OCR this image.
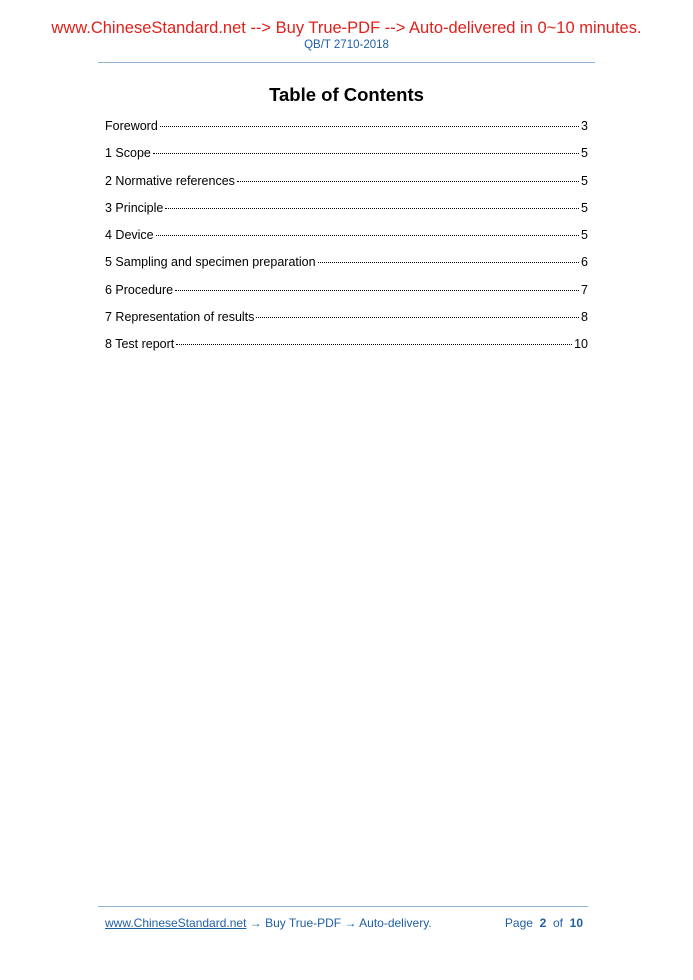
www.ChineseStandard.net --> Buy True-PDF --> Auto-delivered in 0~10 minutes.
QB/T 2710-2018
Table of Contents
Foreword	3
1 Scope	5
2 Normative references	5
3 Principle	5
4 Device	5
5 Sampling and specimen preparation	6
6 Procedure	7
7 Representation of results	8
8 Test report	10
www.ChineseStandard.net → Buy True-PDF → Auto-delivery.	Page 2 of 10
